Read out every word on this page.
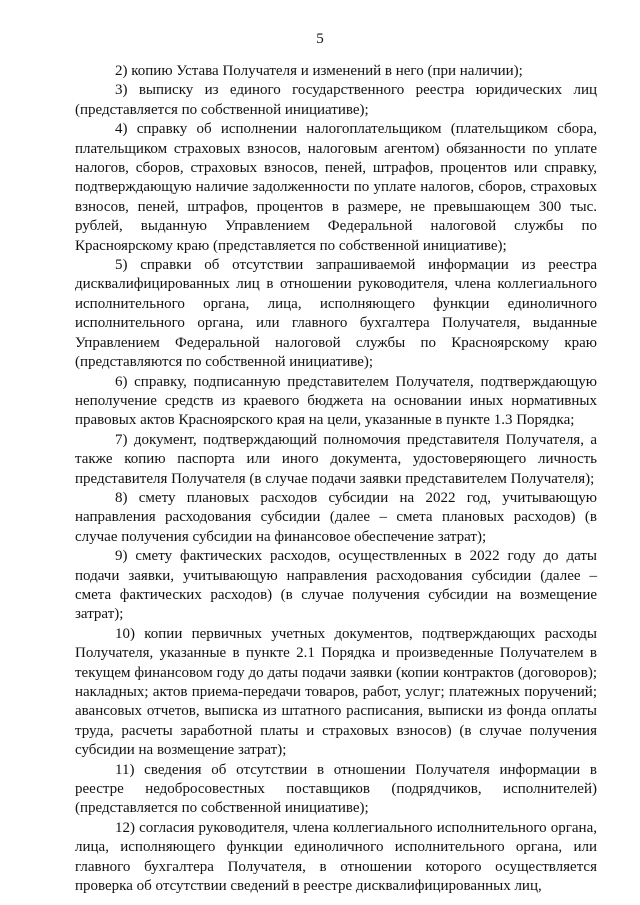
5

2) копию Устава Получателя и изменений в него (при наличии);

3) выписку из единого государственного реестра юридических лиц (представляется по собственной инициативе);

4) справку об исполнении налогоплательщиком (плательщиком сбора, плательщиком страховых взносов, налоговым агентом) обязанности по уплате налогов, сборов, страховых взносов, пеней, штрафов, процентов или справку, подтверждающую наличие задолженности по уплате налогов, сборов, страховых взносов, пеней, штрафов, процентов в размере, не превышающем 300 тыс. рублей, выданную Управлением Федеральной налоговой службы по Красноярскому краю (представляется по собственной инициативе);

5) справки об отсутствии запрашиваемой информации из реестра дисквалифицированных лиц в отношении руководителя, члена коллегиального исполнительного органа, лица, исполняющего функции единоличного исполнительного органа, или главного бухгалтера Получателя, выданные Управлением Федеральной налоговой службы по Красноярскому краю (представляются по собственной инициативе);

6) справку, подписанную представителем Получателя, подтверждающую неполучение средств из краевого бюджета на основании иных нормативных правовых актов Красноярского края на цели, указанные в пункте 1.3 Порядка;

7) документ, подтверждающий полномочия представителя Получателя, а также копию паспорта или иного документа, удостоверяющего личность представителя Получателя (в случае подачи заявки представителем Получателя);

8) смету плановых расходов субсидии на 2022 год, учитывающую направления расходования субсидии (далее – смета плановых расходов) (в случае получения субсидии на финансовое обеспечение затрат);

9) смету фактических расходов, осуществленных в 2022 году до даты подачи заявки, учитывающую направления расходования субсидии (далее – смета фактических расходов) (в случае получения субсидии на возмещение затрат);

10) копии первичных учетных документов, подтверждающих расходы Получателя, указанные в пункте 2.1 Порядка и произведенные Получателем в текущем финансовом году до даты подачи заявки (копии контрактов (договоров); накладных; актов приема-передачи товаров, работ, услуг; платежных поручений; авансовых отчетов, выписка из штатного расписания, выписки из фонда оплаты труда, расчеты заработной платы и страховых взносов) (в случае получения субсидии на возмещение затрат);

11) сведения об отсутствии в отношении Получателя информации в реестре недобросовестных поставщиков (подрядчиков, исполнителей) (представляется по собственной инициативе);

12) согласия руководителя, члена коллегиального исполнительного органа, лица, исполняющего функции единоличного исполнительного органа, или главного бухгалтера Получателя, в отношении которого осуществляется проверка об отсутствии сведений в реестре дисквалифицированных лиц,
